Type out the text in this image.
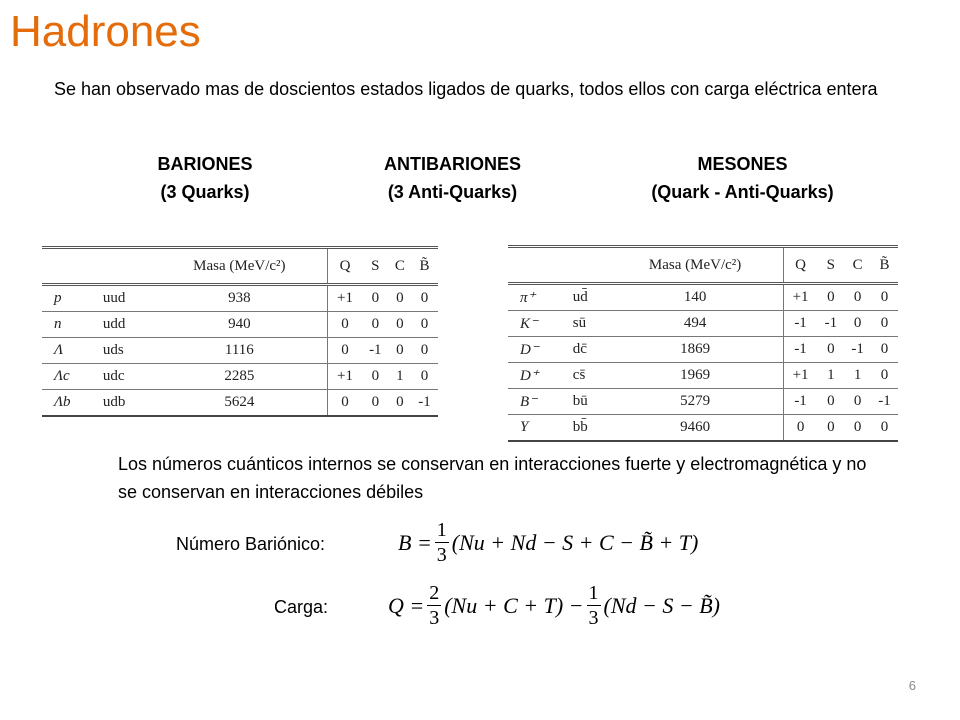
Hadrones
Se han observado mas de doscientos estados ligados de quarks, todos ellos con carga eléctrica entera
BARIONES
(3 Quarks)
ANTIBARIONES
(3 Anti-Quarks)
MESONES
(Quark - Anti-Quarks)
		Masa (MeV/c²)	Q	S	C	B̃
p	uud	938	+1	0	0	0
n	udd	940	0	0	0	0
Λ	uds	1116	0	-1	0	0
Λc	udc	2285	+1	0	1	0
Λb	udb	5624	0	0	0	-1
		Masa (MeV/c²)	Q	S	C	B̃
π⁺	ud̄	140	+1	0	0	0
K⁻	sū	494	-1	-1	0	0
D⁻	dc̄	1869	-1	0	-1	0
D⁺	cs̄	1969	+1	1	1	0
B⁻	bū	5279	-1	0	0	-1
Υ	bb̄	9460	0	0	0	0
Los números cuánticos internos se conservan en interacciones fuerte y electromagnética y no se conservan en interacciones débiles
Número Bariónico:	$B = \frac{1}{3} (Nu + Nd - S + C$ − B̃ + T)
Carga:	$Q = \frac{2}{3} (Nu + C + T) - \frac{1}{3} (Nd - S$ − B̃)
6
